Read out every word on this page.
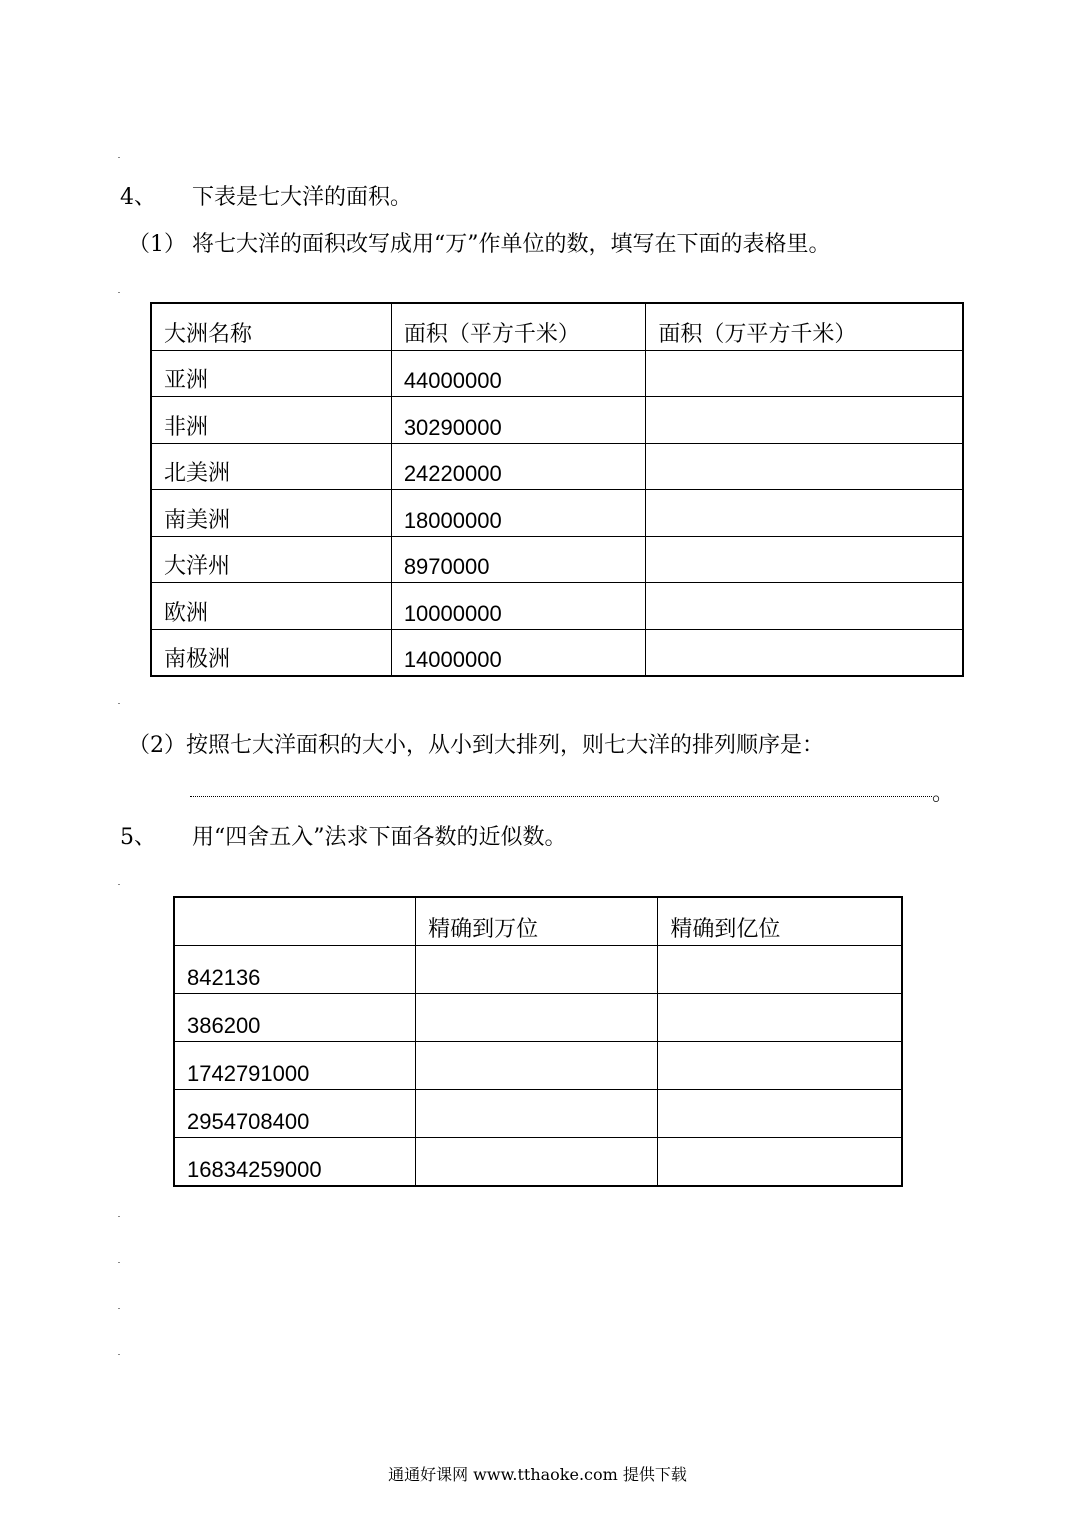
4、 下表是七大洋的面积。
（1） 将七大洋的面积改写成用“万”作单位的数，填写在下面的表格里。
大洲名称	面积（平方千米）	面积（万平方千米）
亚洲	44000000	
非洲	30290000	
北美洲	24220000	
南美洲	18000000	
大洋州	8970000	
欧洲	10000000	
南极洲	14000000	
（2）按照七大洋面积的大小，从小到大排列，则七大洋的排列顺序是：
。
5、 用“四舍五入”法求下面各数的近似数。
	精确到万位	精确到亿位
842136		
386200		
1742791000		
2954708400		
16834259000		
通通好课网 www.tthaoke.com 提供下载
